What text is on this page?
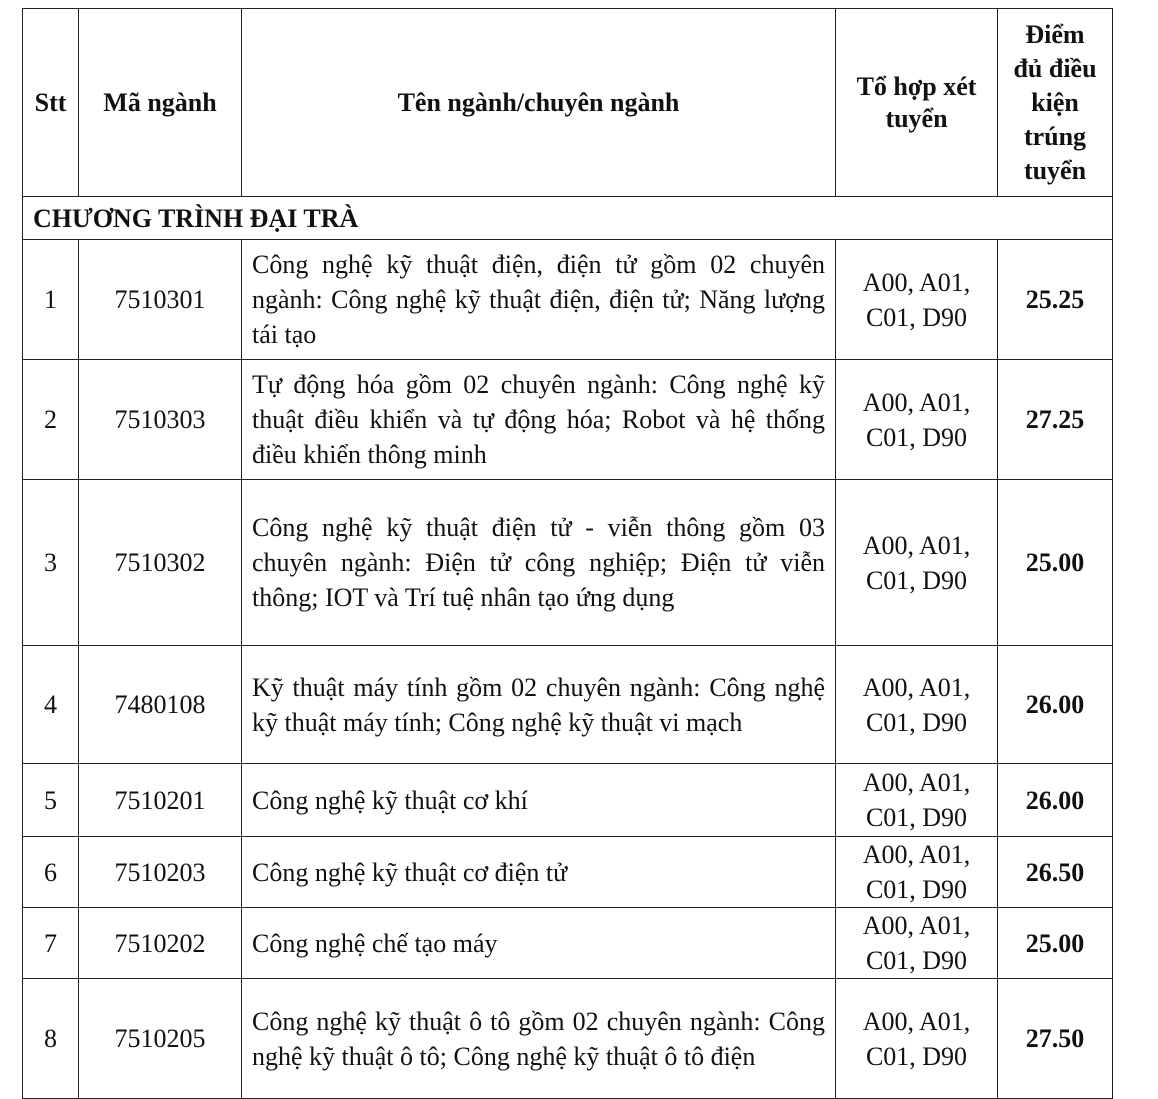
Stt	Mã ngành	Tên ngành/chuyên ngành	Tổ hợp xét tuyển	Điểm đủ điều kiện trúng tuyển
CHƯƠNG TRÌNH ĐẠI TRÀ				
1	7510301	Công nghệ kỹ thuật điện, điện tử gồm 02 chuyên ngành: Công nghệ kỹ thuật điện, điện tử; Năng lượng tái tạo	A00, A01, C01, D90	25.25
2	7510303	Tự động hóa gồm 02 chuyên ngành: Công nghệ kỹ thuật điều khiển và tự động hóa; Robot và hệ thống điều khiển thông minh	A00, A01, C01, D90	27.25
3	7510302	Công nghệ kỹ thuật điện tử - viễn thông gồm 03 chuyên ngành: Điện tử công nghiệp; Điện tử viễn thông; IOT và Trí tuệ nhân tạo ứng dụng	A00, A01, C01, D90	25.00
4	7480108	Kỹ thuật máy tính gồm 02 chuyên ngành: Công nghệ kỹ thuật máy tính; Công nghệ kỹ thuật vi mạch	A00, A01, C01, D90	26.00
5	7510201	Công nghệ kỹ thuật cơ khí	A00, A01, C01, D90	26.00
6	7510203	Công nghệ kỹ thuật cơ điện tử	A00, A01, C01, D90	26.50
7	7510202	Công nghệ chế tạo máy	A00, A01, C01, D90	25.00
8	7510205	Công nghệ kỹ thuật ô tô gồm 02 chuyên ngành: Công nghệ kỹ thuật ô tô; Công nghệ kỹ thuật ô tô điện	A00, A01, C01, D90	27.50
